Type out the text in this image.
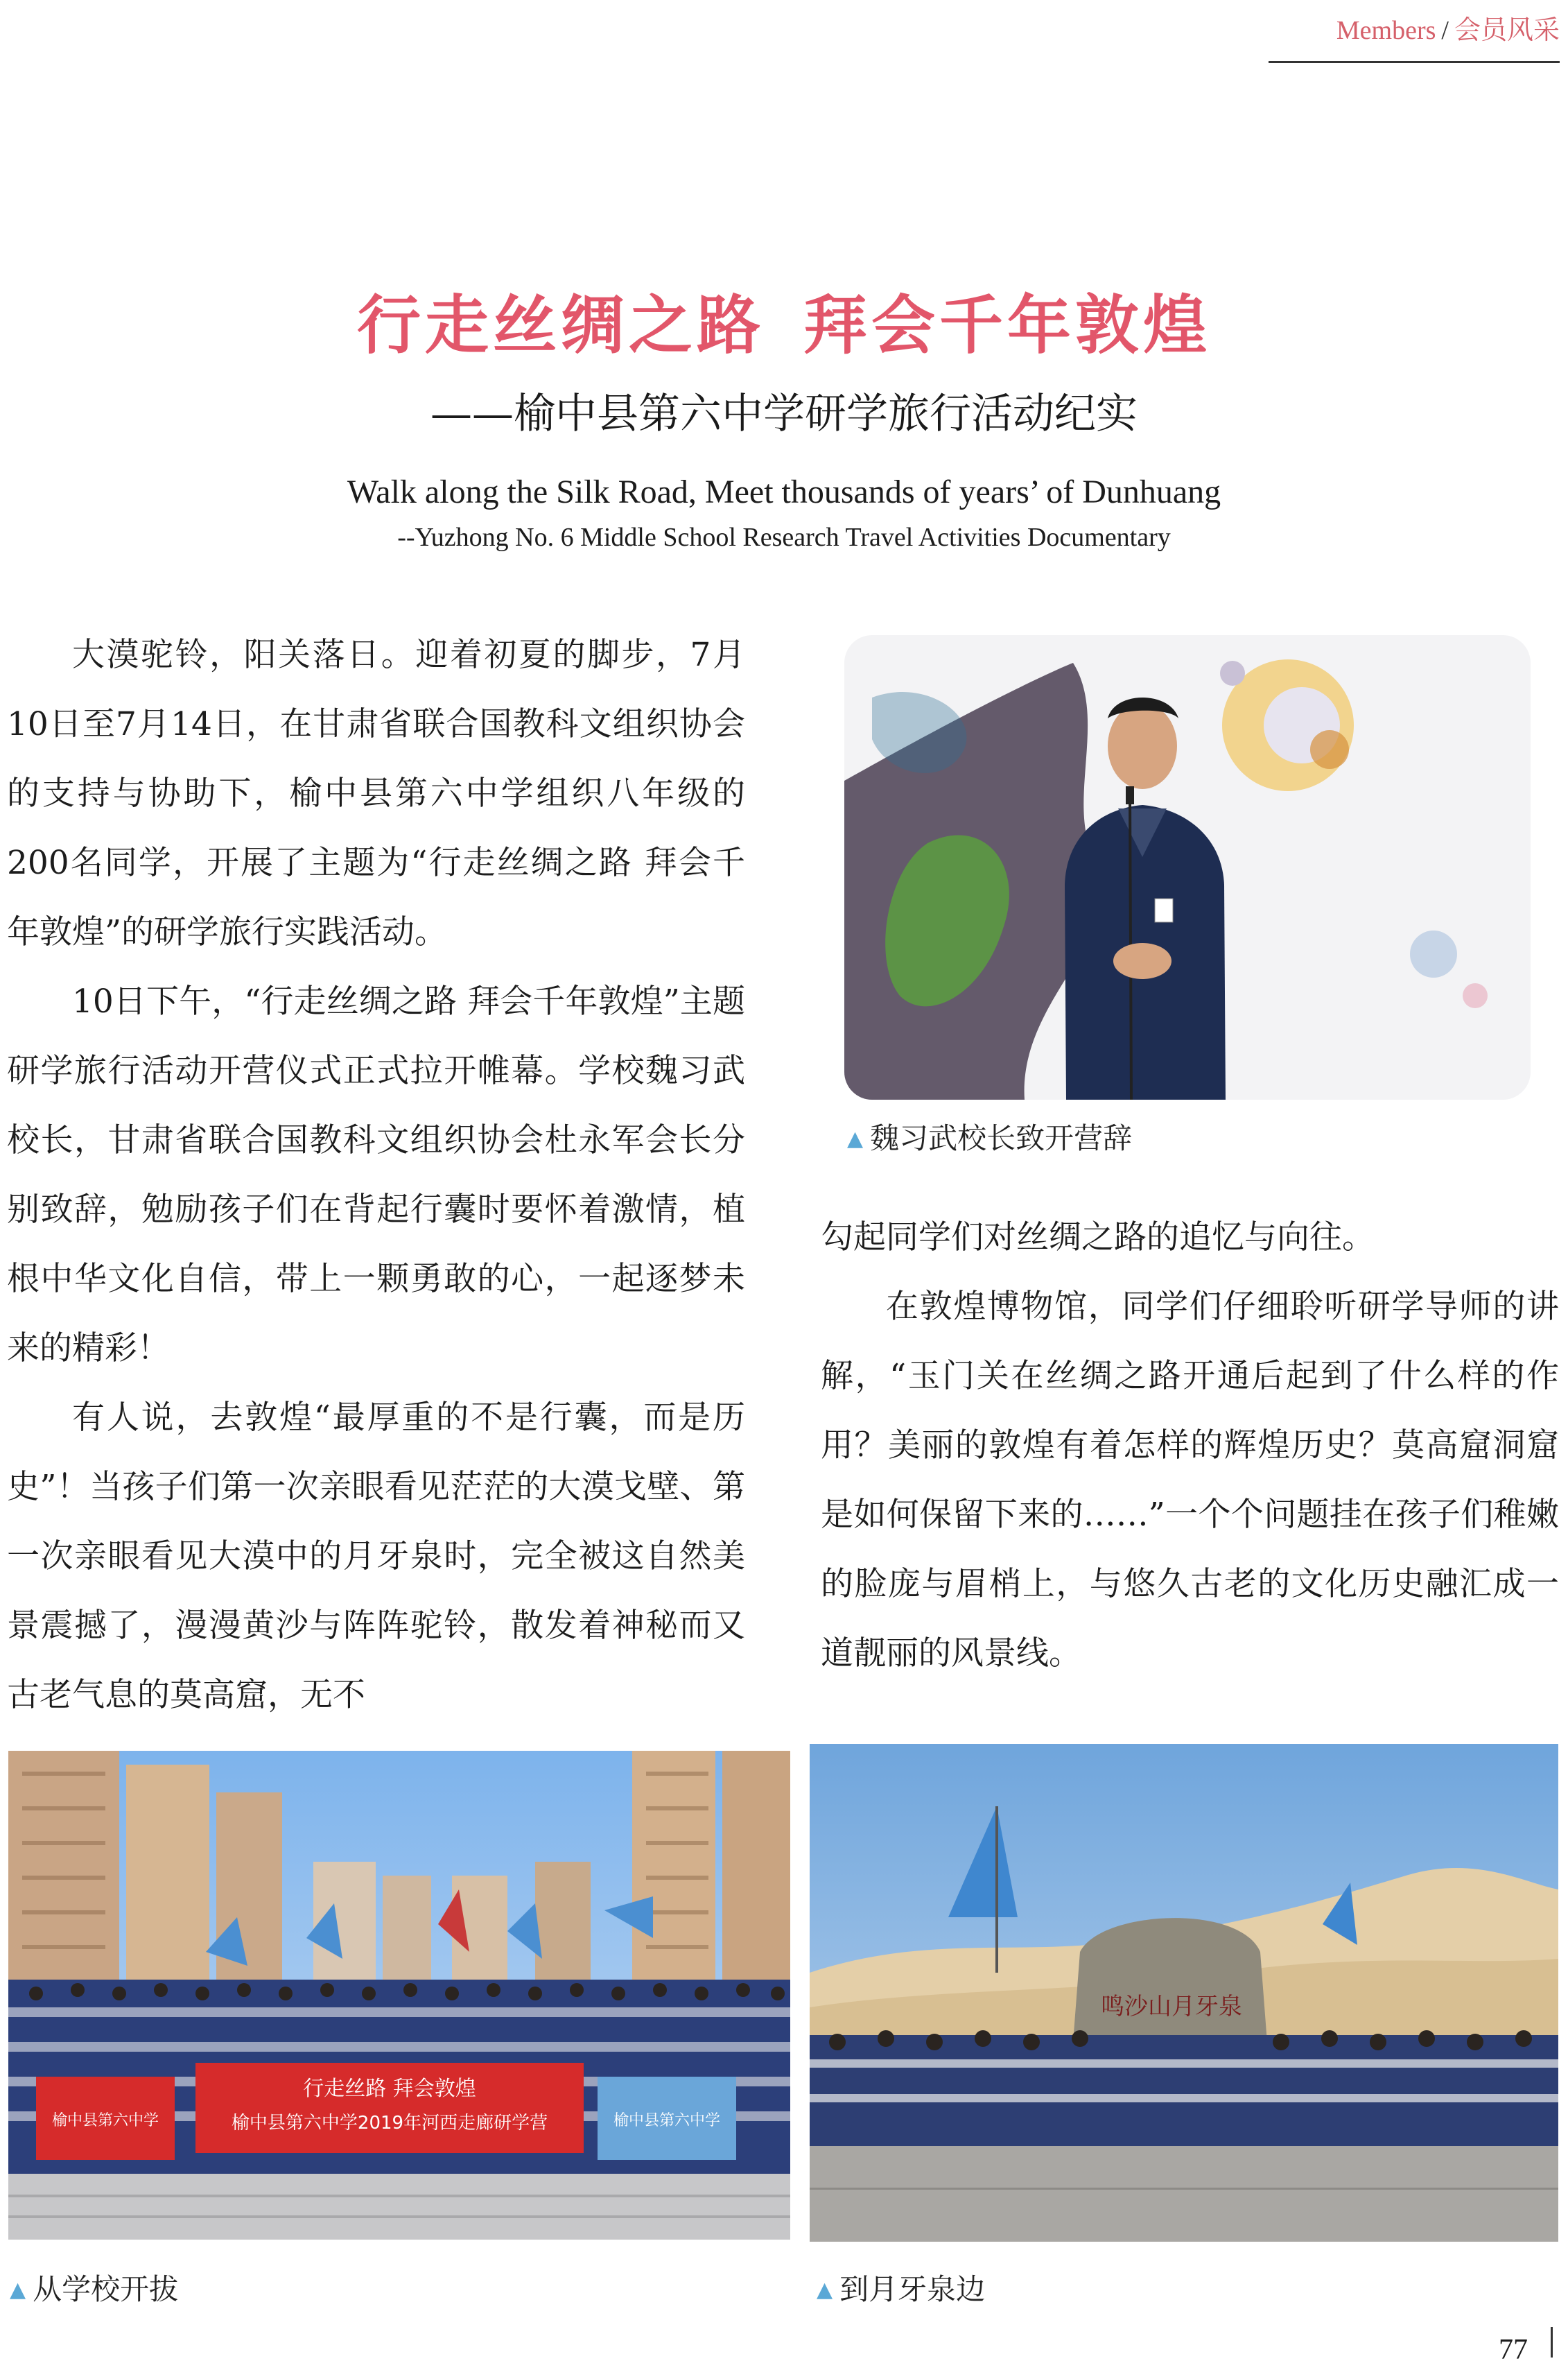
Members / 会员风采
行走丝绸之路 拜会千年敦煌
——榆中县第六中学研学旅行活动纪实
Walk along the Silk Road, Meet thousands of years’ of Dunhuang
--Yuzhong No. 6 Middle School Research Travel Activities Documentary

大漠驼铃，阳关落日。迎着初夏的脚步，7月10日至7月14日，在甘肃省联合国教科文组织协会的支持与协助下，榆中县第六中学组织八年级的200名同学，开展了主题为“行走丝绸之路 拜会千年敦煌”的研学旅行实践活动。

10日下午，“行走丝绸之路 拜会千年敦煌”主题研学旅行活动开营仪式正式拉开帷幕。学校魏习武校长，甘肃省联合国教科文组织协会杜永军会长分别致辞，勉励孩子们在背起行囊时要怀着激情，植根中华文化自信，带上一颗勇敢的心，一起逐梦未来的精彩！

有人说，去敦煌“最厚重的不是行囊，而是历史”！当孩子们第一次亲眼看见茫茫的大漠戈壁、第一次亲眼看见大漠中的月牙泉时，完全被这自然美景震撼了，漫漫黄沙与阵阵驼铃，散发着神秘而又古老气息的莫高窟，无不

▲ 魏习武校长致开营辞

勾起同学们对丝绸之路的追忆与向往。

在敦煌博物馆，同学们仔细聆听研学导师的讲解，“玉门关在丝绸之路开通后起到了什么样的作用？美丽的敦煌有着怎样的辉煌历史？莫高窟洞窟是如何保留下来的……”一个个问题挂在孩子们稚嫩的脸庞与眉梢上，与悠久古老的文化历史融汇成一道靓丽的风景线。

榆中县第六中学
行走丝路 拜会敦煌
榆中县第六中学2019年河西走廊研学营	榆中县第六中学
▲ 从学校开拔
鸣沙山月牙泉
▲ 到月牙泉边
77
